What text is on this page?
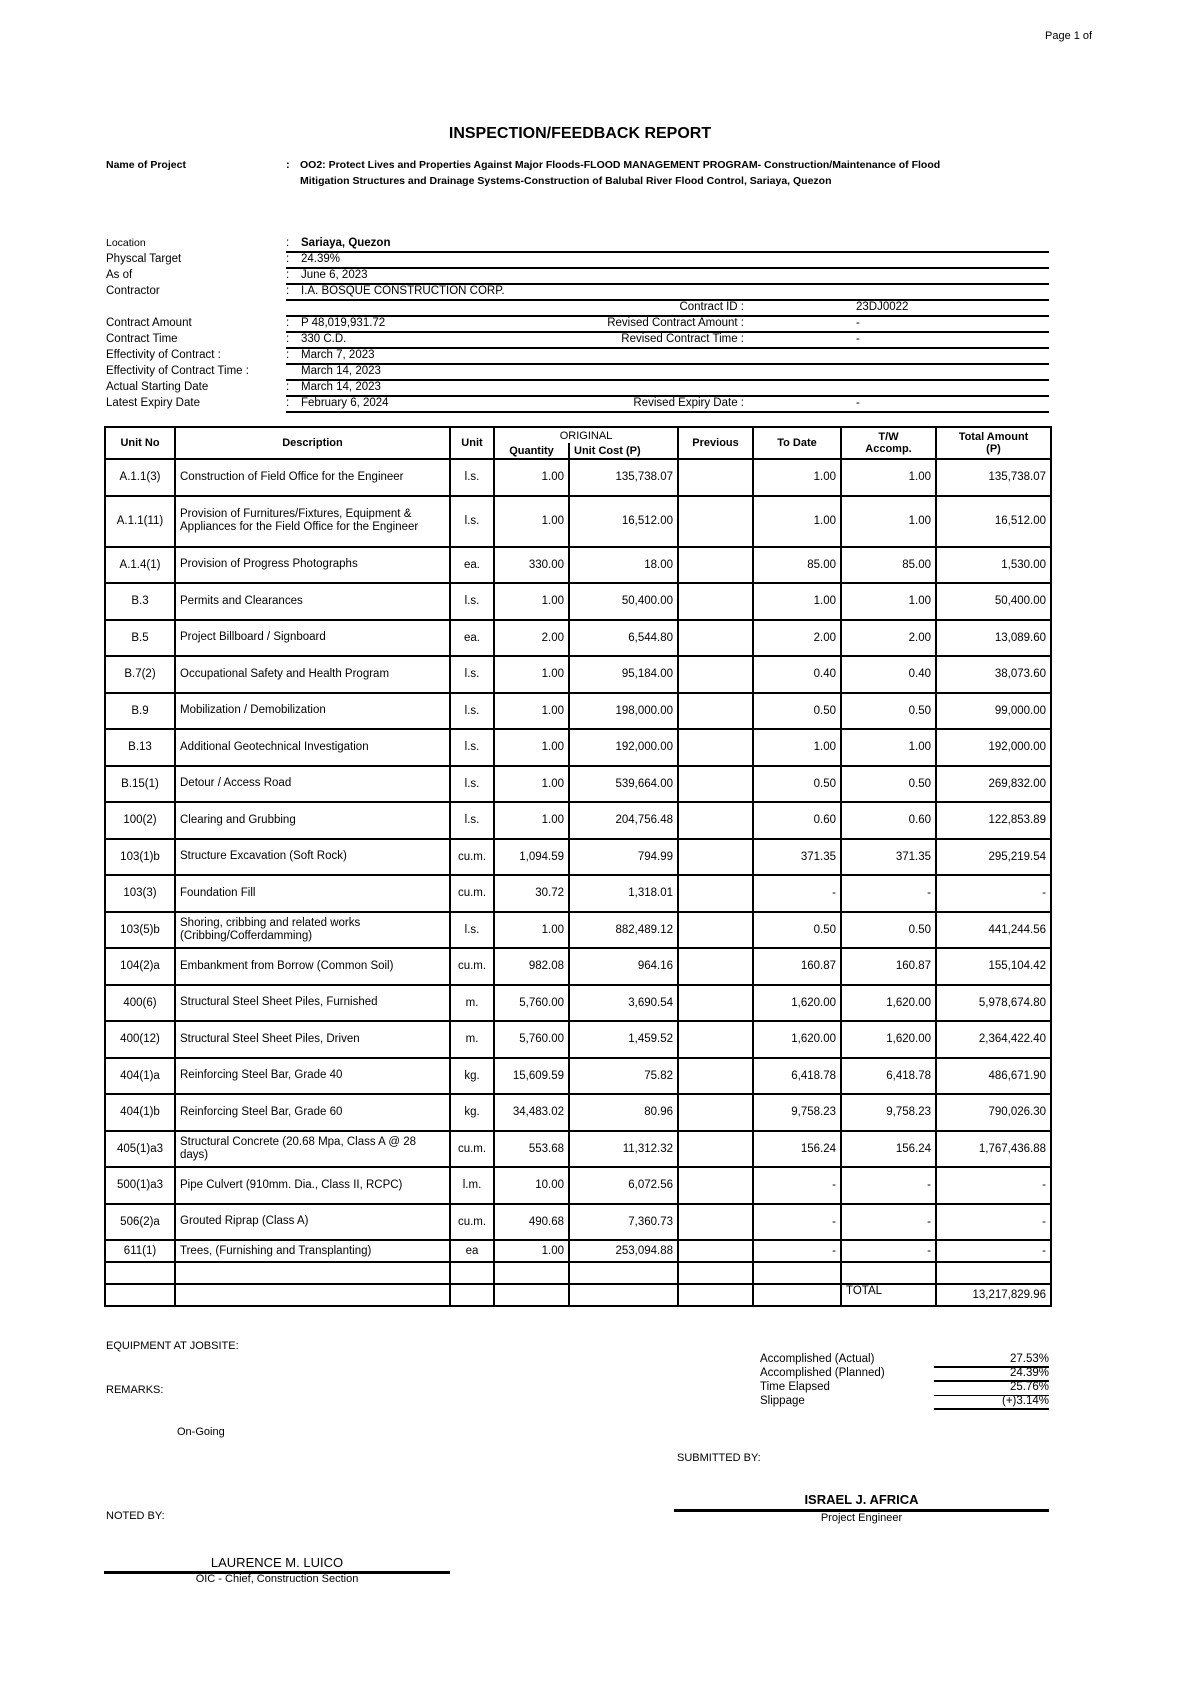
Page 1 of
INSPECTION/FEEDBACK REPORT
Name of Project	: OO2: Protect Lives and Properties Against Major Floods-FLOOD MANAGEMENT PROGRAM- Construction/Maintenance of Flood
Mitigation Structures and Drainage Systems-Construction of Balubal River Flood Control, Sariaya, Quezon
Location	: Sariaya, Quezon
Physcal Target	: 24.39%
As of	: June 6, 2023
Contractor	: I.A. BOSQUE CONSTRUCTION CORP.
Contract ID :	23DJ0022
Contract Amount	: P 48,019,931.72	Revised Contract Amount :	-
Contract Time	: 330 C.D.	Revised Contract Time :	-
Effectivity of Contract :	: March 7, 2023
Effectivity of Contract Time :	March 14, 2023
Actual Starting Date	: March 14, 2023
Latest Expiry Date	: February 6, 2024	Revised Expiry Date :	-
Unit No	Description	Unit	ORIGINAL		Previous	To Date	T/W Accomp.	Total Amount (P)
			Quantity	Unit Cost (P)				
A.1.1(3)	Construction of Field Office for the Engineer	l.s.	1.00	135,738.07		1.00	1.00	135,738.07
A.1.1(11)	Provision of Furnitures/Fixtures, Equipment & Appliances for the Field Office for the Engineer	l.s.	1.00	16,512.00		1.00	1.00	16,512.00
A.1.4(1)	Provision of Progress Photographs	ea.	330.00	18.00		85.00	85.00	1,530.00
B.3	Permits and Clearances	l.s.	1.00	50,400.00		1.00	1.00	50,400.00
B.5	Project Billboard / Signboard	ea.	2.00	6,544.80		2.00	2.00	13,089.60
B.7(2)	Occupational Safety and Health Program	l.s.	1.00	95,184.00		0.40	0.40	38,073.60
B.9	Mobilization / Demobilization	l.s.	1.00	198,000.00		0.50	0.50	99,000.00
B.13	Additional Geotechnical Investigation	l.s.	1.00	192,000.00		1.00	1.00	192,000.00
B.15(1)	Detour / Access Road	l.s.	1.00	539,664.00		0.50	0.50	269,832.00
100(2)	Clearing and Grubbing	l.s.	1.00	204,756.48		0.60	0.60	122,853.89
103(1)b	Structure Excavation (Soft Rock)	cu.m.	1,094.59	794.99		371.35	371.35	295,219.54
103(3)	Foundation Fill	cu.m.	30.72	1,318.01		-	-	-
103(5)b	Shoring, cribbing and related works (Cribbing/Cofferdamming)	l.s.	1.00	882,489.12		0.50	0.50	441,244.56
104(2)a	Embankment from Borrow (Common Soil)	cu.m.	982.08	964.16		160.87	160.87	155,104.42
400(6)	Structural Steel Sheet Piles, Furnished	m.	5,760.00	3,690.54		1,620.00	1,620.00	5,978,674.80
400(12)	Structural Steel Sheet Piles, Driven	m.	5,760.00	1,459.52		1,620.00	1,620.00	2,364,422.40
404(1)a	Reinforcing Steel Bar, Grade 40	kg.	15,609.59	75.82		6,418.78	6,418.78	486,671.90
404(1)b	Reinforcing Steel Bar, Grade 60	kg.	34,483.02	80.96		9,758.23	9,758.23	790,026.30
405(1)a3	Structural Concrete (20.68 Mpa, Class A @ 28 days)	cu.m.	553.68	11,312.32		156.24	156.24	1,767,436.88
500(1)a3	Pipe Culvert (910mm. Dia., Class II, RCPC)	l.m.	10.00	6,072.56		-	-	-
506(2)a	Grouted Riprap (Class A)	cu.m.	490.68	7,360.73		-	-	-
611(1)	Trees, (Furnishing and Transplanting)	ea	1.00	253,094.88		-	-	-

							TOTAL	13,217,829.96
EQUIPMENT AT JOBSITE:
REMARKS:
On-Going
Accomplished (Actual)	27.53%
Accomplished (Planned)	24.39%
Time Elapsed	25.76%
Slippage	(+)3.14%
SUBMITTED BY:
ISRAEL J. AFRICA
Project Engineer
NOTED BY:
LAURENCE M. LUICO
OIC - Chief, Construction Section
